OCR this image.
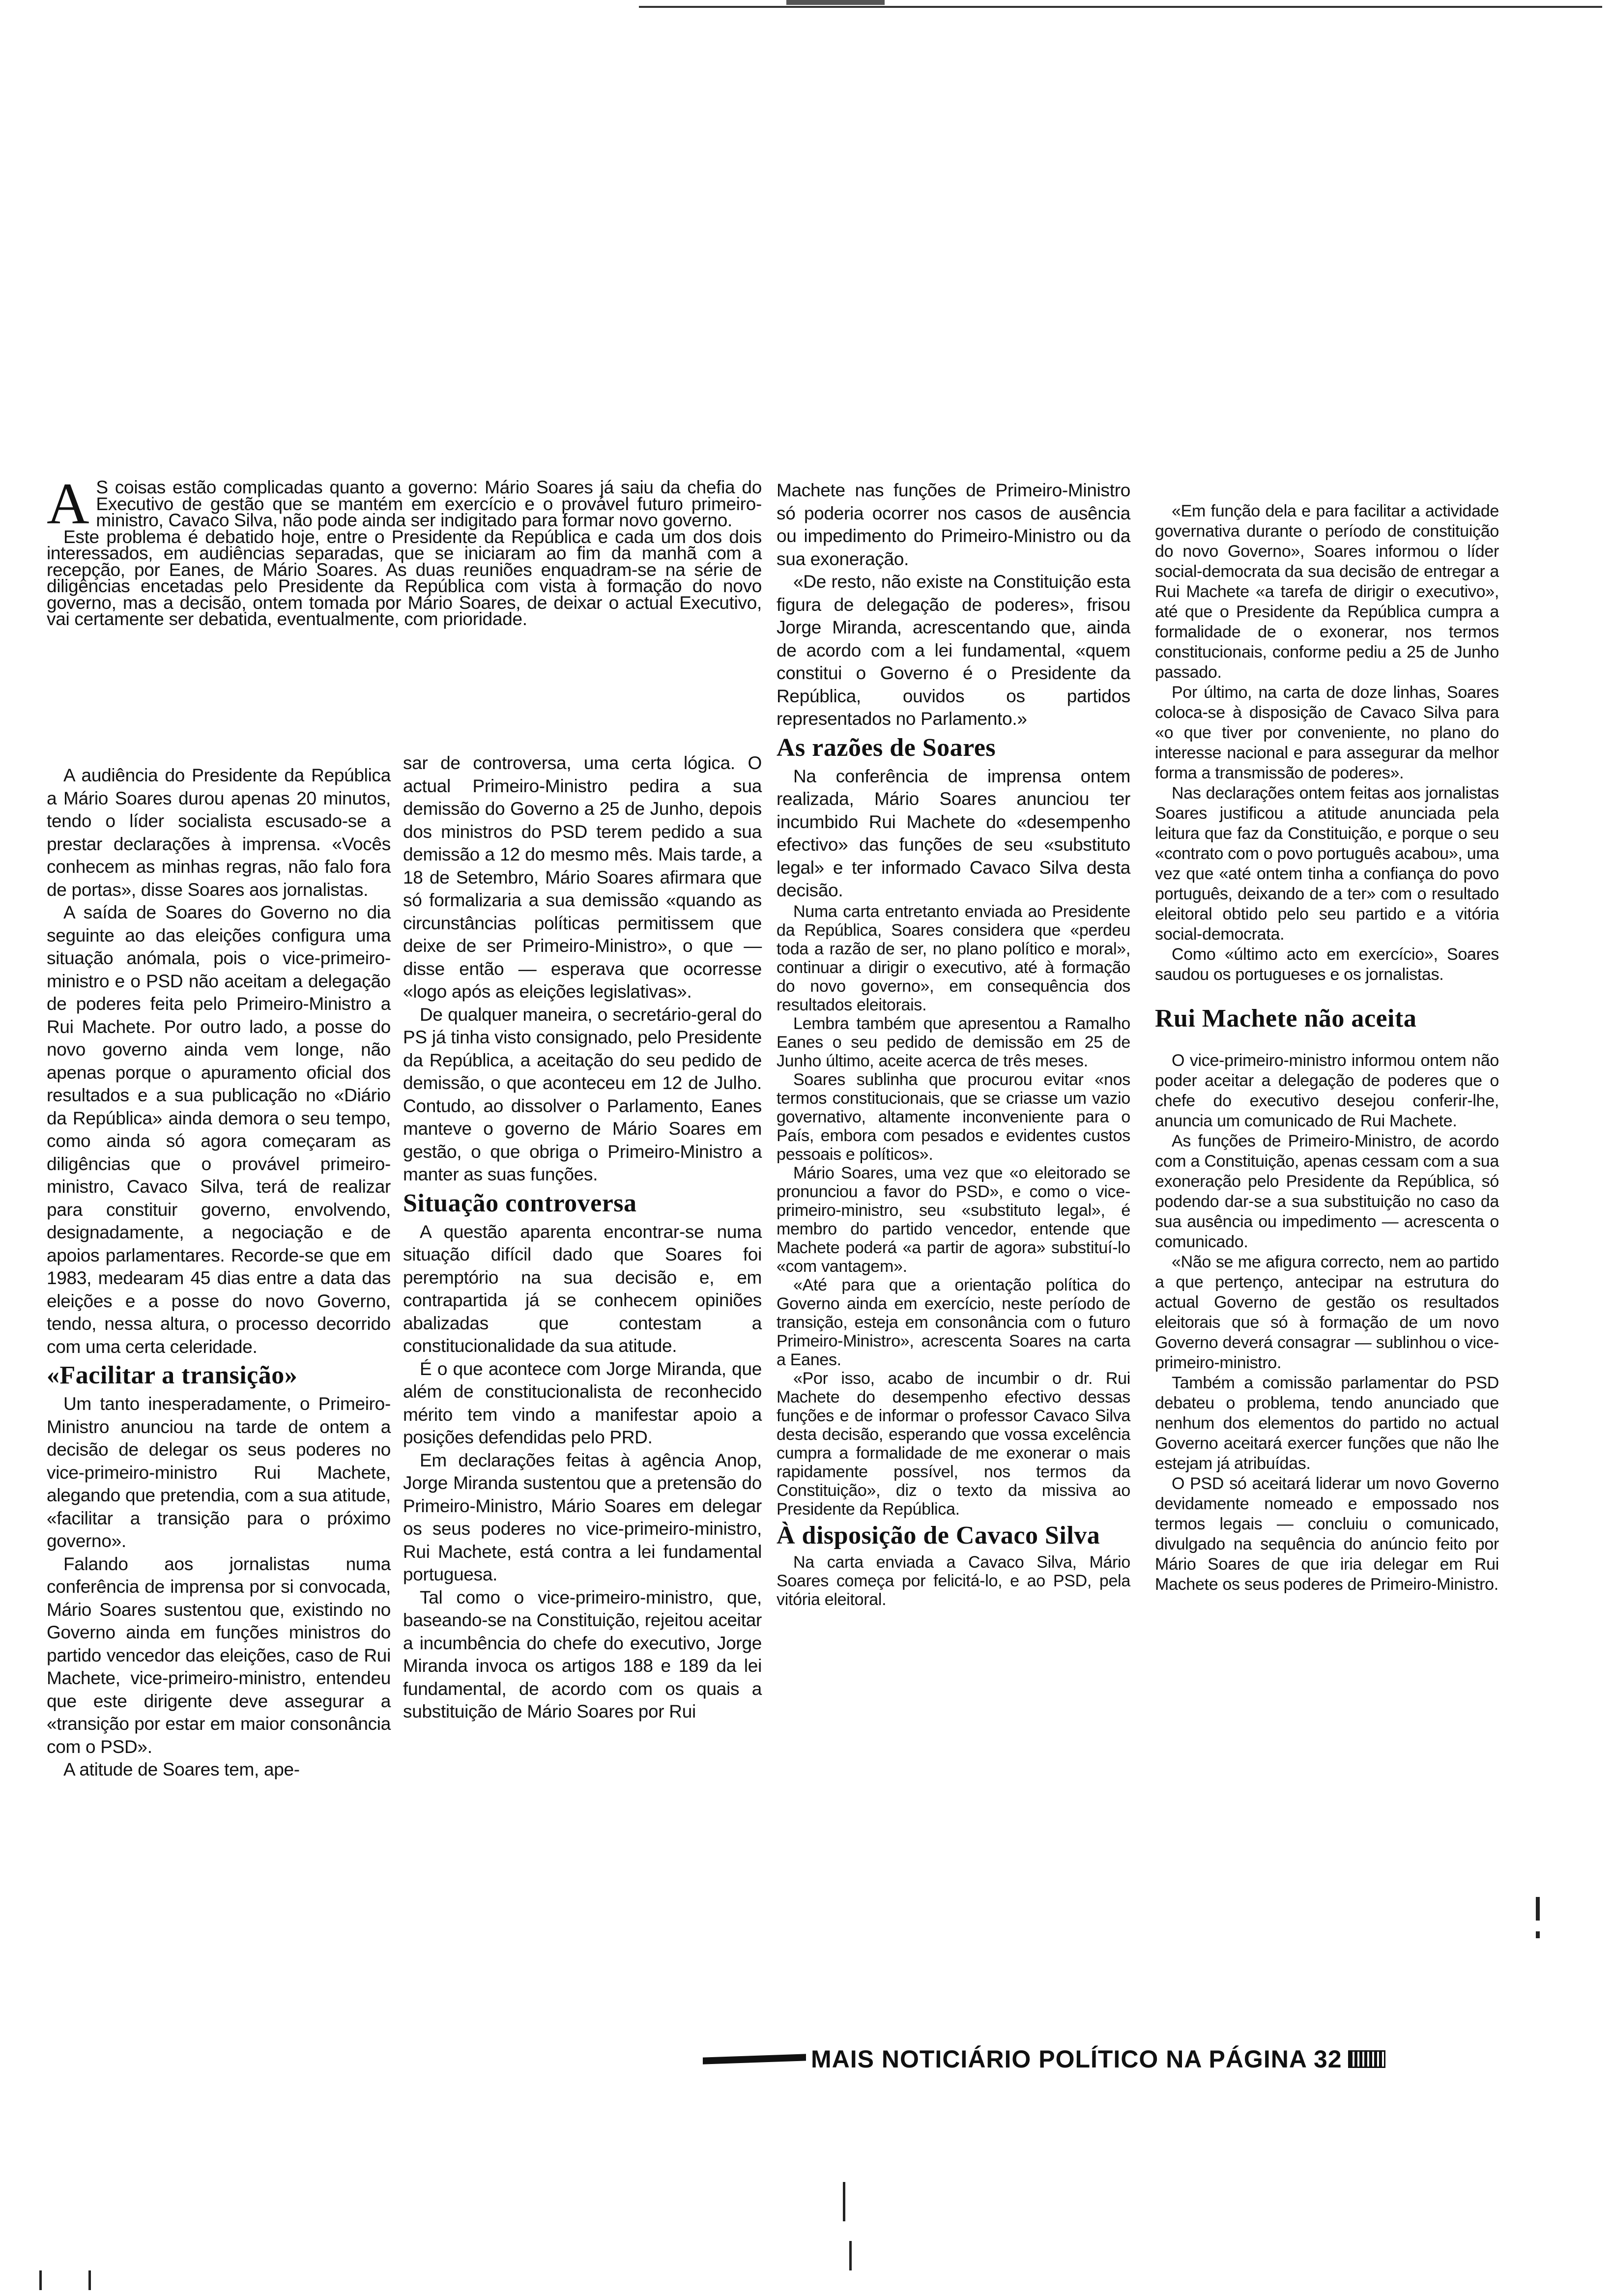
A S coisas estão complicadas quanto a governo: Mário Soares já saiu da chefia do Executivo de gestão que se mantém em exercício e o provável futuro primeiro-ministro, Cavaco Silva, não pode ainda ser indigitado para formar novo governo.

Este problema é debatido hoje, entre o Presidente da República e cada um dos dois interessados, em audiências separadas, que se iniciaram ao fim da manhã com a recepção, por Eanes, de Mário Soares. As duas reuniões enquadram-se na série de diligências encetadas pelo Presidente da República com vista à formação do novo governo, mas a decisão, ontem tomada por Mário Soares, de deixar o actual Executivo, vai certamente ser debatida, eventualmente, com prioridade.

A audiência do Presidente da República a Mário Soares durou apenas 20 minutos, tendo o líder socialista escusado-se a prestar declarações à imprensa. «Vocês conhecem as minhas regras, não falo fora de portas», disse Soares aos jornalistas.

A saída de Soares do Governo no dia seguinte ao das eleições configura uma situação anómala, pois o vice-primeiro-ministro e o PSD não aceitam a delegação de poderes feita pelo Primeiro-Ministro a Rui Machete. Por outro lado, a posse do novo governo ainda vem longe, não apenas porque o apuramento oficial dos resultados e a sua publicação no «Diário da República» ainda demora o seu tempo, como ainda só agora começaram as diligências que o provável primeiro-ministro, Cavaco Silva, terá de realizar para constituir governo, envolvendo, designadamente, a negociação e de apoios parlamentares. Recorde-se que em 1983, medearam 45 dias entre a data das eleições e a posse do novo Governo, tendo, nessa altura, o processo decorrido com uma certa celeridade.

«Facilitar a transição»

Um tanto inesperadamente, o Primeiro-Ministro anunciou na tarde de ontem a decisão de delegar os seus poderes no vice-primeiro-ministro Rui Machete, alegando que pretendia, com a sua atitude, «facilitar a transição para o próximo governo».

Falando aos jornalistas numa conferência de imprensa por si convocada, Mário Soares sustentou que, existindo no Governo ainda em funções ministros do partido vencedor das eleições, caso de Rui Machete, vice-primeiro-ministro, entendeu que este dirigente deve assegurar a «transição por estar em maior consonância com o PSD».

A atitude de Soares tem, ape-

sar de controversa, uma certa lógica. O actual Primeiro-Ministro pedira a sua demissão do Governo a 25 de Junho, depois dos ministros do PSD terem pedido a sua demissão a 12 do mesmo mês. Mais tarde, a 18 de Setembro, Mário Soares afirmara que só formalizaria a sua demissão «quando as circunstâncias políticas permitissem que deixe de ser Primeiro-Ministro», o que — disse então — esperava que ocorresse «logo após as eleições legislativas».

De qualquer maneira, o secretário-geral do PS já tinha visto consignado, pelo Presidente da República, a aceitação do seu pedido de demissão, o que aconteceu em 12 de Julho. Contudo, ao dissolver o Parlamento, Eanes manteve o governo de Mário Soares em gestão, o que obriga o Primeiro-Ministro a manter as suas funções.

Situação controversa

A questão aparenta encontrar-se numa situação difícil dado que Soares foi peremptório na sua decisão e, em contrapartida já se conhecem opiniões abalizadas que contestam a constitucionalidade da sua atitude.

É o que acontece com Jorge Miranda, que além de constitucionalista de reconhecido mérito tem vindo a manifestar apoio a posições defendidas pelo PRD.

Em declarações feitas à agência Anop, Jorge Miranda sustentou que a pretensão do Primeiro-Ministro, Mário Soares em delegar os seus poderes no vice-primeiro-ministro, Rui Machete, está contra a lei fundamental portuguesa.

Tal como o vice-primeiro-ministro, que, baseando-se na Constituição, rejeitou aceitar a incumbência do chefe do executivo, Jorge Miranda invoca os artigos 188 e 189 da lei fundamental, de acordo com os quais a substituição de Mário Soares por Rui

Machete nas funções de Primeiro-Ministro só poderia ocorrer nos casos de ausência ou impedimento do Primeiro-Ministro ou da sua exoneração.

«De resto, não existe na Constituição esta figura de delegação de poderes», frisou Jorge Miranda, acrescentando que, ainda de acordo com a lei fundamental, «quem constitui o Governo é o Presidente da República, ouvidos os partidos representados no Parlamento.»

As razões de Soares

Na conferência de imprensa ontem realizada, Mário Soares anunciou ter incumbido Rui Machete do «desempenho efectivo» das funções de seu «substituto legal» e ter informado Cavaco Silva desta decisão.

Numa carta entretanto enviada ao Presidente da República, Soares considera que «perdeu toda a razão de ser, no plano político e moral», continuar a dirigir o executivo, até à formação do novo governo», em consequência dos resultados eleitorais.

Lembra também que apresentou a Ramalho Eanes o seu pedido de demissão em 25 de Junho último, aceite acerca de três meses.

Soares sublinha que procurou evitar «nos termos constitucionais, que se criasse um vazio governativo, altamente inconveniente para o País, embora com pesados e evidentes custos pessoais e políticos».

Mário Soares, uma vez que «o eleitorado se pronunciou a favor do PSD», e como o vice-primeiro-ministro, seu «substituto legal», é membro do partido vencedor, entende que Machete poderá «a partir de agora» substituí-lo «com vantagem».

«Até para que a orientação política do Governo ainda em exercício, neste período de transição, esteja em consonância com o futuro Primeiro-Ministro», acrescenta Soares na carta a Eanes.

«Por isso, acabo de incumbir o dr. Rui Machete do desempenho efectivo dessas funções e de informar o professor Cavaco Silva desta decisão, esperando que vossa excelência cumpra a formalidade de me exonerar o mais rapidamente possível, nos termos da Constituição», diz o texto da missiva ao Presidente da República.

À disposição de Cavaco Silva

Na carta enviada a Cavaco Silva, Mário Soares começa por felicitá-lo, e ao PSD, pela vitória eleitoral.

«Em função dela e para facilitar a actividade governativa durante o período de constituição do novo Governo», Soares informou o líder social-democrata da sua decisão de entregar a Rui Machete «a tarefa de dirigir o executivo», até que o Presidente da República cumpra a formalidade de o exonerar, nos termos constitucionais, conforme pediu a 25 de Junho passado.

Por último, na carta de doze linhas, Soares coloca-se à disposição de Cavaco Silva para «o que tiver por conveniente, no plano do interesse nacional e para assegurar da melhor forma a transmissão de poderes».

Nas declarações ontem feitas aos jornalistas Soares justificou a atitude anunciada pela leitura que faz da Constituição, e porque o seu «contrato com o povo português acabou», uma vez que «até ontem tinha a confiança do povo português, deixando de a ter» com o resultado eleitoral obtido pelo seu partido e a vitória social-democrata.

Como «último acto em exercício», Soares saudou os portugueses e os jornalistas.

Rui Machete não aceita

O vice-primeiro-ministro informou ontem não poder aceitar a delegação de poderes que o chefe do executivo desejou conferir-lhe, anuncia um comunicado de Rui Machete.

As funções de Primeiro-Ministro, de acordo com a Constituição, apenas cessam com a sua exoneração pelo Presidente da República, só podendo dar-se a sua substituição no caso da sua ausência ou impedimento — acrescenta o comunicado.

«Não se me afigura correcto, nem ao partido a que pertenço, antecipar na estrutura do actual Governo de gestão os resultados eleitorais que só à formação de um novo Governo deverá consagrar — sublinhou o vice-primeiro-ministro.

Também a comissão parlamentar do PSD debateu o problema, tendo anunciado que nenhum dos elementos do partido no actual Governo aceitará exercer funções que não lhe estejam já atribuídas.

O PSD só aceitará liderar um novo Governo devidamente nomeado e empossado nos termos legais — concluiu o comunicado, divulgado na sequência do anúncio feito por Mário Soares de que iria delegar em Rui Machete os seus poderes de Primeiro-Ministro.

MAIS NOTICIÁRIO POLÍTICO NA PÁGINA 32
